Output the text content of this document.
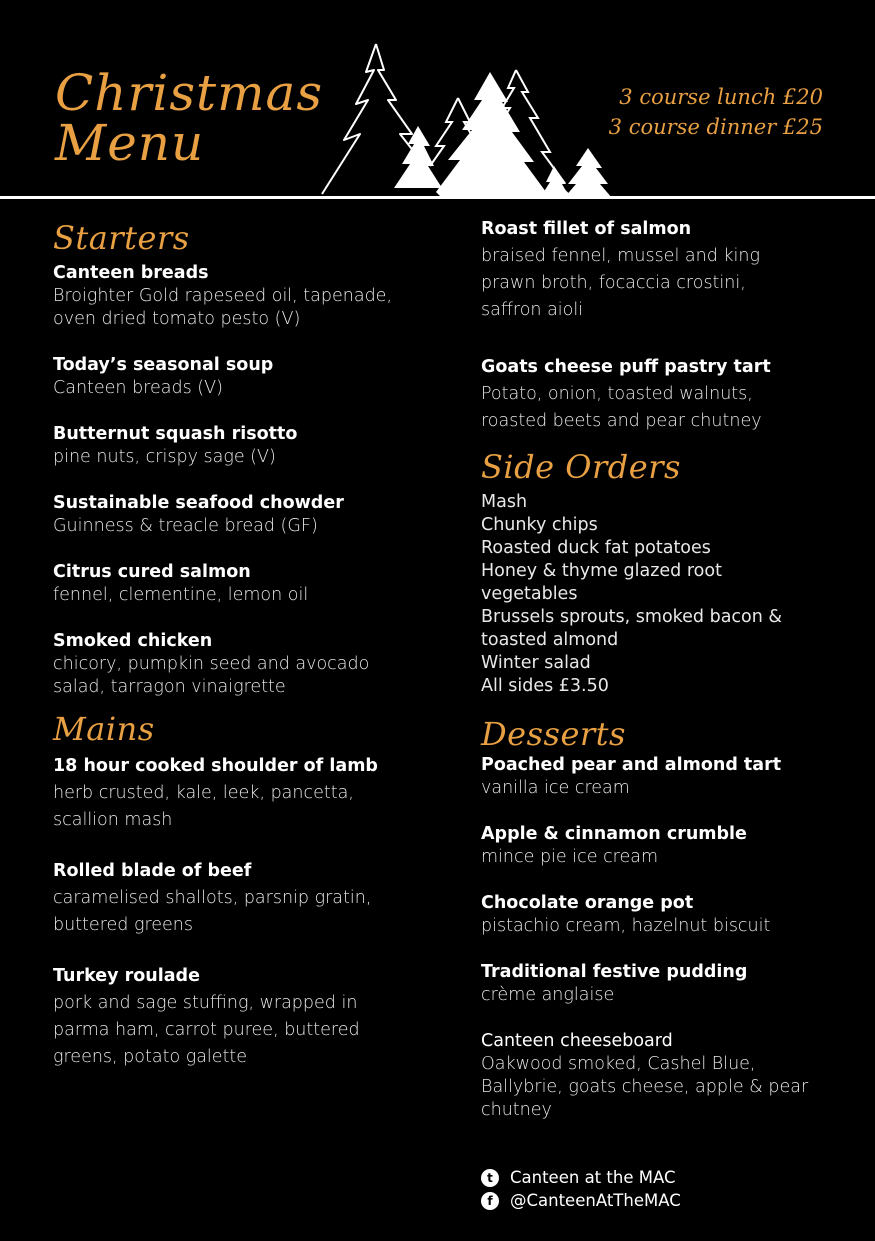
Christmas
Menu
3 course lunch £20
3 course dinner £25
Starters
Canteen breads
Broighter Gold rapeseed oil, tapenade, oven dried tomato pesto (V)
Today’s seasonal soup
Canteen breads (V)
Butternut squash risotto
pine nuts, crispy sage (V)
Sustainable seafood chowder
Guinness & treacle bread (GF)
Citrus cured salmon
fennel, clementine, lemon oil
Smoked chicken
chicory, pumpkin seed and avocado salad, tarragon vinaigrette
Mains
18 hour cooked shoulder of lamb
herb crusted, kale, leek, pancetta, scallion mash
Rolled blade of beef
caramelised shallots, parsnip gratin, buttered greens
Turkey roulade
pork and sage stuffing, wrapped in parma ham, carrot puree, buttered greens, potato galette
Roast fillet of salmon
braised fennel, mussel and king prawn broth, focaccia crostini, saffron aioli
Goats cheese puff pastry tart
Potato, onion, toasted walnuts, roasted beets and pear chutney
Side Orders
Mash
Chunky chips
Roasted duck fat potatoes
Honey & thyme glazed root vegetables
Brussels sprouts, smoked bacon & toasted almond
Winter salad
All sides £3.50
Desserts
Poached pear and almond tart
vanilla ice cream
Apple & cinnamon crumble
mince pie ice cream
Chocolate orange pot
pistachio cream, hazelnut biscuit
Traditional festive pudding
crème anglaise
Canteen cheeseboard
Oakwood smoked, Cashel Blue, Ballybrie, goats cheese, apple & pear chutney
t	Canteen at the MAC
f	@CanteenAtTheMAC
